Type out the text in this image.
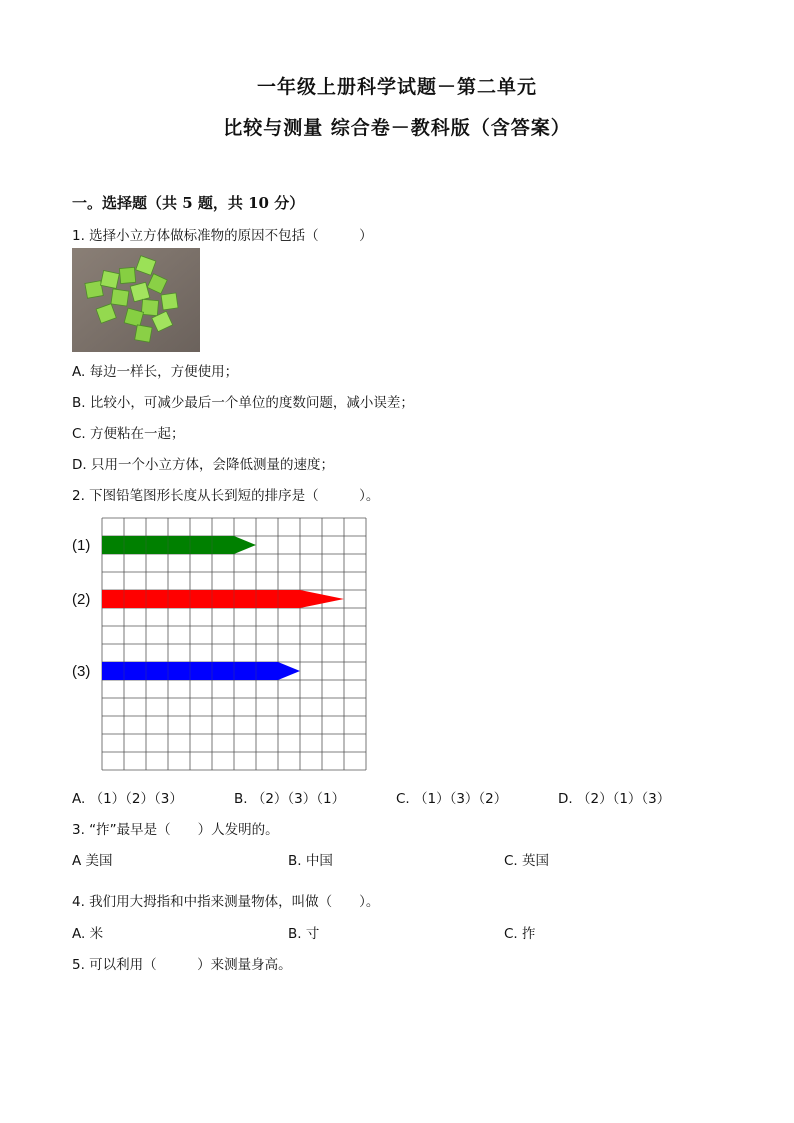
一年级上册科学试题－第二单元
比较与测量 综合卷－教科版（含答案）
一。选择题（共 5 题，共 10 分）
1. 选择小立方体做标准物的原因不包括（　　　）
A. 每边一样长，方便使用；
B. 比较小，可减少最后一个单位的度数问题，减小误差；
C. 方便粘在一起；
D. 只用一个小立方体，会降低测量的速度；
2. 下图铅笔图形长度从长到短的排序是（　　　）。
(1)
(2)
(3)
A. （1）（2）（3）	B. （2）（3）（1）	C. （1）（3）（2）	D. （2）（1）（3）
3. “拃”最早是（　　）人发明的。
A 美国	B. 中国	C. 英国
4. 我们用大拇指和中指来测量物体，叫做（　　）。
A. 米	B. 寸	C. 拃
5. 可以利用（　　　）来测量身高。
